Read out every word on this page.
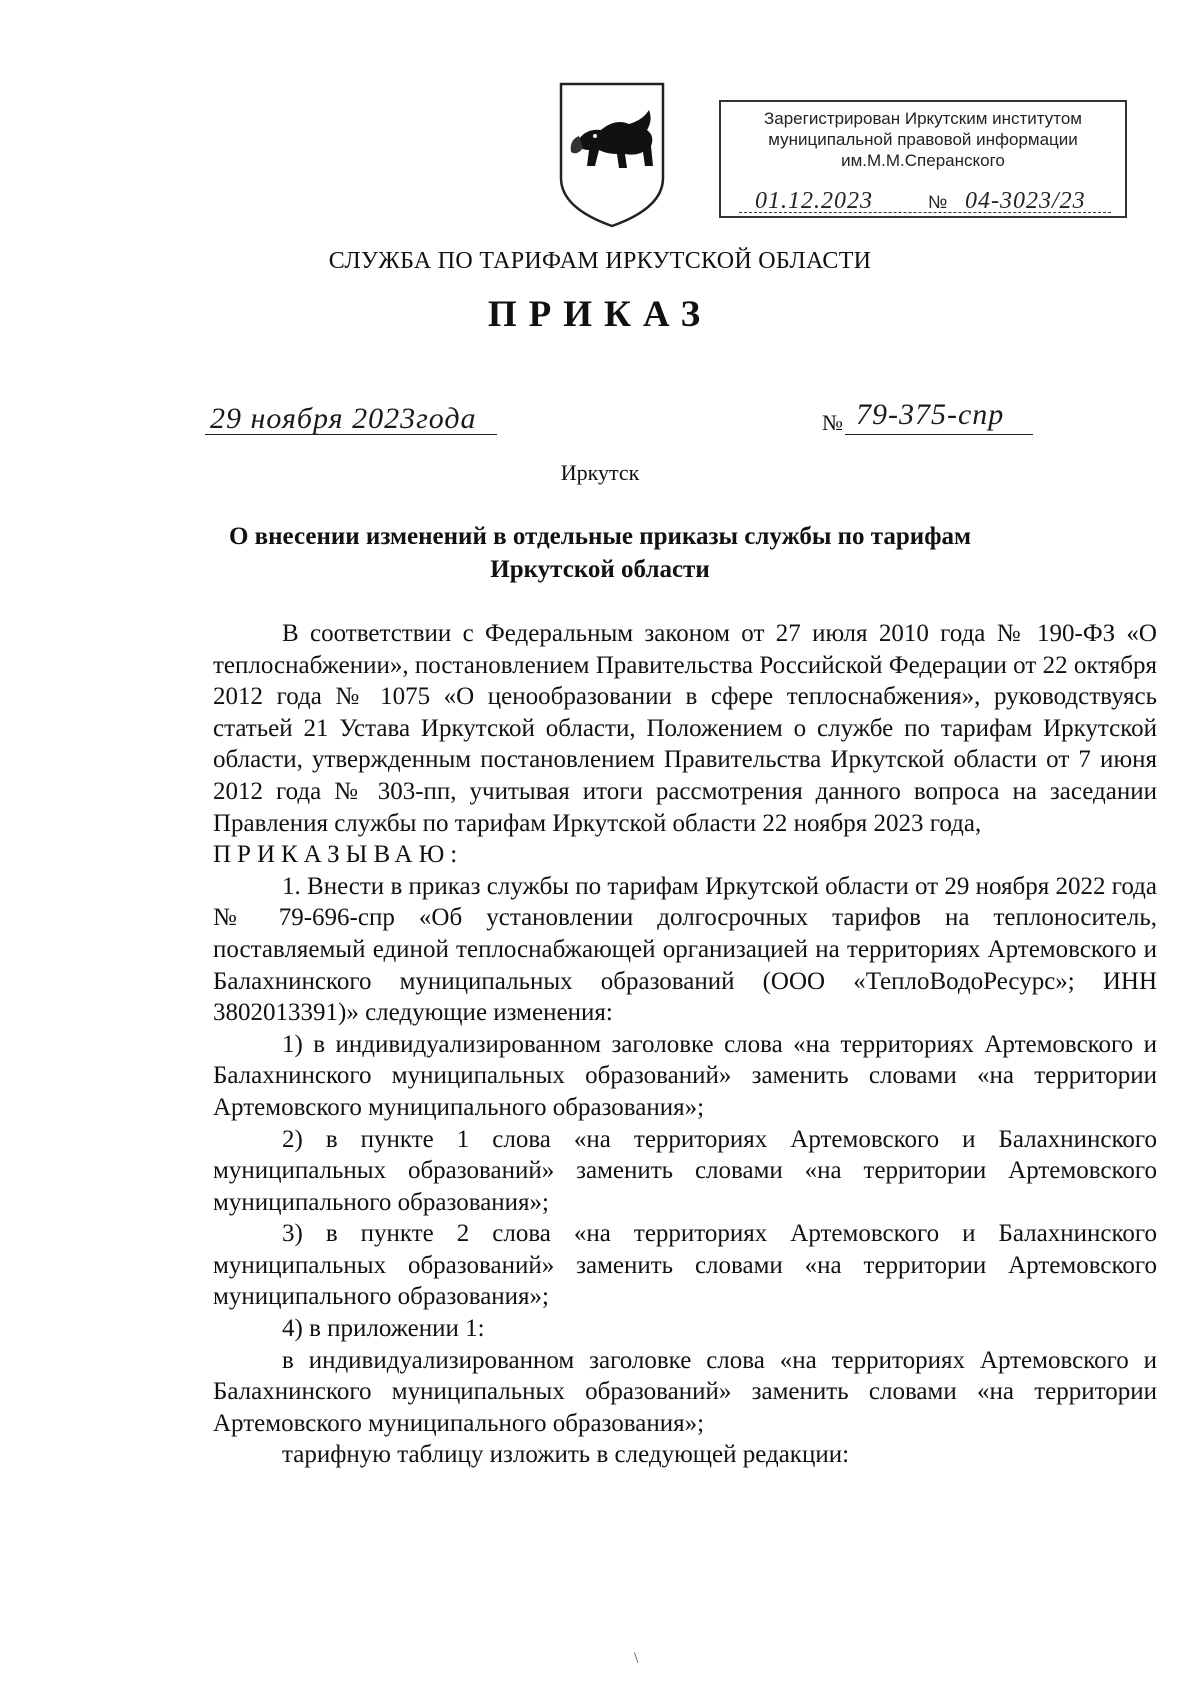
Зарегистрирован Иркутским институтом
муниципальной правовой информации
им.М.М.Сперанского
01.12.2023	№ 04-3023/23
СЛУЖБА ПО ТАРИФАМ ИРКУТСКОЙ ОБЛАСТИ
ПРИКАЗ
29 ноября 2023года	№ 79-375-спр
Иркутск
О внесении изменений в отдельные приказы службы по тарифам
Иркутской области

В соответствии с Федеральным законом от 27 июля 2010 года № 190-ФЗ «О теплоснабжении», постановлением Правительства Российской Федерации от 22 октября 2012 года № 1075 «О ценообразовании в сфере теплоснабжения», руководствуясь статьей 21 Устава Иркутской области, Положением о службе по тарифам Иркутской области, утвержденным постановлением Правительства Иркутской области от 7 июня 2012 года № 303-пп, учитывая итоги рассмотрения данного вопроса на заседании Правления службы по тарифам Иркутской области 22 ноября 2023 года,

ПРИКАЗЫВАЮ:

1. Внести в приказ службы по тарифам Иркутской области от 29 ноября 2022 года № 79-696-спр «Об установлении долгосрочных тарифов на теплоноситель, поставляемый единой теплоснабжающей организацией на территориях Артемовского и Балахнинского муниципальных образований (ООО «ТеплоВодоРесурс»; ИНН 3802013391)» следующие изменения:

1) в индивидуализированном заголовке слова «на территориях Артемовского и Балахнинского муниципальных образований» заменить словами «на территории Артемовского муниципального образования»;

2) в пункте 1 слова «на территориях Артемовского и Балахнинского муниципальных образований» заменить словами «на территории Артемовского муниципального образования»;

3) в пункте 2 слова «на территориях Артемовского и Балахнинского муниципальных образований» заменить словами «на территории Артемовского муниципального образования»;

4) в приложении 1:

в индивидуализированном заголовке слова «на территориях Артемовского и Балахнинского муниципальных образований» заменить словами «на территории Артемовского муниципального образования»;

тарифную таблицу изложить в следующей редакции:

\
